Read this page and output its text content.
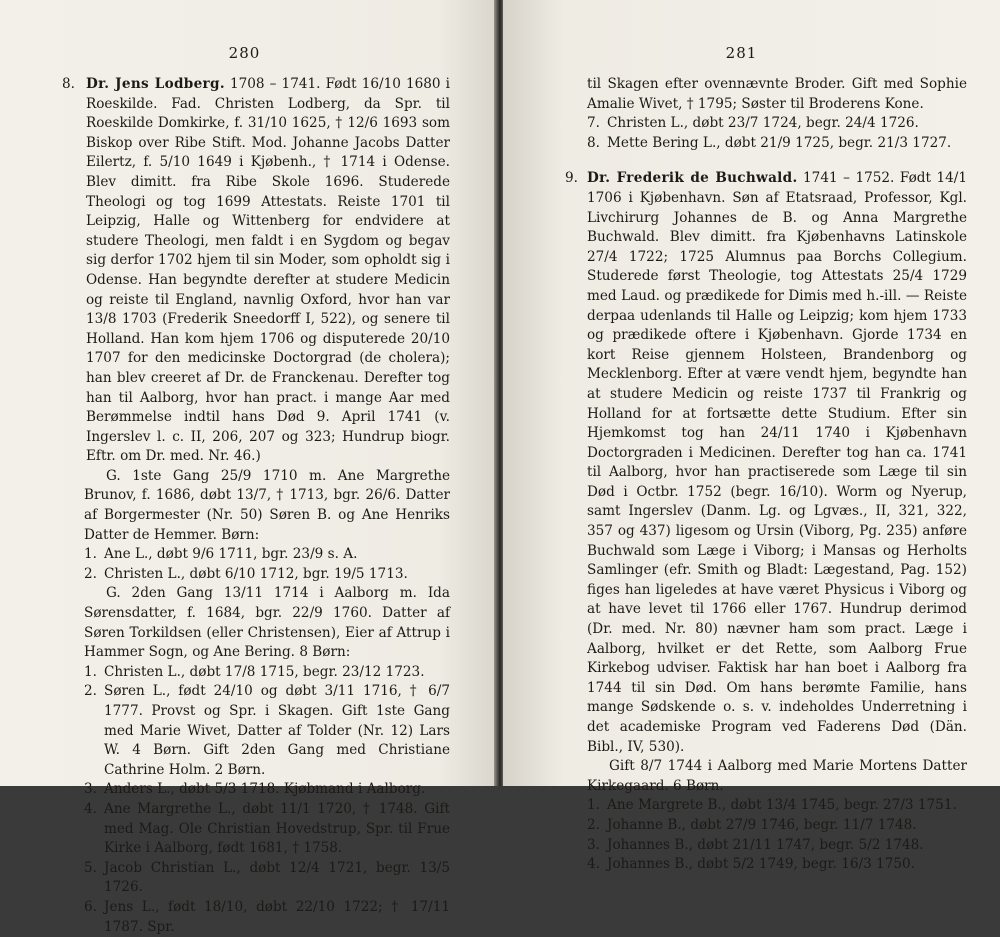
280
8. Dr. Jens Lodberg. 1708 – 1741. Født 16/10 1680 i Roeskilde. Fad. Christen Lodberg, da Spr. til Roeskilde Domkirke, f. 31/10 1625, † 12/6 1693 som Biskop over Ribe Stift. Mod. Johanne Jacobs Datter Eilertz, f. 5/10 1649 i Kjøbenh., † 1714 i Odense. Blev dimitt. fra Ribe Skole 1696. Studerede Theologi og tog 1699 Attestats. Reiste 1701 til Leipzig, Halle og Wittenberg for endvidere at studere Theologi, men faldt i en Sygdom og begav sig derfor 1702 hjem til sin Moder, som opholdt sig i Odense. Han begyndte derefter at studere Medicin og reiste til England, navnlig Oxford, hvor han var 13/8 1703 (Frederik Sneedorff I, 522), og senere til Holland. Han kom hjem 1706 og disputerede 20/10 1707 for den medicinske Doctorgrad (de cholera); han blev creeret af Dr. de Franckenau. Derefter tog han til Aalborg, hvor han pract. i mange Aar med Berømmelse indtil hans Død 9. April 1741 (v. Ingerslev l. c. II, 206, 207 og 323; Hundrup biogr. Eftr. om Dr. med. Nr. 46.)

G. 1ste Gang 25/9 1710 m. Ane Margrethe Brunov, f. 1686, døbt 13/7, † 1713, bgr. 26/6. Datter af Borgermester (Nr. 50) Søren B. og Ane Henriks Datter de Hemmer. Børn:

1. Ane L., døbt 9/6 1711, bgr. 23/9 s. A.
2. Christen L., døbt 6/10 1712, bgr. 19/5 1713.

G. 2den Gang 13/11 1714 i Aalborg m. Ida Sørensdatter, f. 1684, bgr. 22/9 1760. Datter af Søren Torkildsen (eller Christensen), Eier af Attrup i Hammer Sogn, og Ane Bering. 8 Børn:

1. Christen L., døbt 17/8 1715, begr. 23/12 1723.
2. Søren L., født 24/10 og døbt 3/11 1716, † 6/7 1777. Provst og Spr. i Skagen. Gift 1ste Gang med Marie Wivet, Datter af Tolder (Nr. 12) Lars W. 4 Børn. Gift 2den Gang med Christiane Cathrine Holm. 2 Børn.
3. Anders L., døbt 5/3 1718. Kjøbmand i Aalborg.
4. Ane Margrethe L., døbt 11/1 1720, † 1748. Gift med Mag. Ole Christian Hovedstrup, Spr. til Frue Kirke i Aalborg, født 1681, † 1758.
5. Jacob Christian L., døbt 12/4 1721, begr. 13/5 1726.
6. Jens L., født 18/10, døbt 22/10 1722; † 17/11 1787. Spr.
281

til Skagen efter ovennævnte Broder. Gift med Sophie Amalie Wivet, † 1795; Søster til Broderens Kone.

7. Christen L., døbt 23/7 1724, begr. 24/4 1726.
8. Mette Bering L., døbt 21/9 1725, begr. 21/3 1727.
9. Dr. Frederik de Buchwald. 1741 – 1752. Født 14/1 1706 i Kjøbenhavn. Søn af Etatsraad, Professor, Kgl. Livchirurg Johannes de B. og Anna Margrethe Buchwald. Blev dimitt. fra Kjøbenhavns Latinskole 27/4 1722; 1725 Alumnus paa Borchs Collegium. Studerede først Theologie, tog Attestats 25/4 1729 med Laud. og prædikede for Dimis med h.-ill. — Reiste derpaa udenlands til Halle og Leipzig; kom hjem 1733 og prædikede oftere i Kjøbenhavn. Gjorde 1734 en kort Reise gjennem Holsteen, Brandenborg og Mecklenborg. Efter at være vendt hjem, begyndte han at studere Medicin og reiste 1737 til Frankrig og Holland for at fortsætte dette Studium. Efter sin Hjemkomst tog han 24/11 1740 i Kjøbenhavn Doctorgraden i Medicinen. Derefter tog han ca. 1741 til Aalborg, hvor han practiserede som Læge til sin Død i Octbr. 1752 (begr. 16/10). Worm og Nyerup, samt Ingerslev (Danm. Lg. og Lgvæs., II, 321, 322, 357 og 437) ligesom og Ursin (Viborg, Pg. 235) anføre Buchwald som Læge i Viborg; i Mansas og Herholts Samlinger (efr. Smith og Bladt: Lægestand, Pag. 152) figes han ligeledes at have været Physicus i Viborg og at have levet til 1766 eller 1767. Hundrup derimod (Dr. med. Nr. 80) nævner ham som pract. Læge i Aalborg, hvilket er det Rette, som Aalborg Frue Kirkebog udviser. Faktisk har han boet i Aalborg fra 1744 til sin Død. Om hans berømte Familie, hans mange Sødskende o. s. v. indeholdes Underretning i det academiske Program ved Faderens Død (Dän. Bibl., IV, 530).

Gift 8/7 1744 i Aalborg med Marie Mortens Datter Kirkegaard. 6 Børn.

1. Ane Margrete B., døbt 13/4 1745, begr. 27/3 1751.
2. Johanne B., døbt 27/9 1746, begr. 11/7 1748.
3. Johannes B., døbt 21/11 1747, begr. 5/2 1748.
4. Johannes B., døbt 5/2 1749, begr. 16/3 1750.
